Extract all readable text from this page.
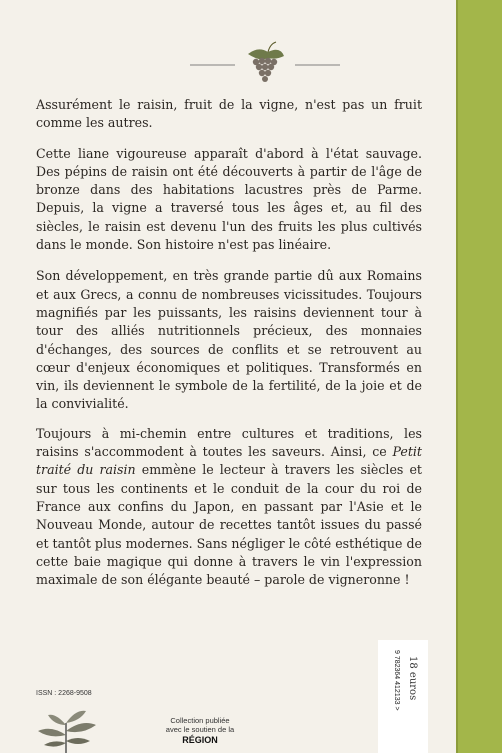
Assurément le raisin, fruit de la vigne, n'est pas un fruit comme les autres.

Cette liane vigoureuse apparaît d'abord à l'état sauvage. Des pépins de raisin ont été découverts à partir de l'âge de bronze dans des habitations lacustres près de Parme. Depuis, la vigne a traversé tous les âges et, au fil des siècles, le raisin est devenu l'un des fruits les plus cultivés dans le monde. Son histoire n'est pas linéaire.

Son développement, en très grande partie dû aux Romains et aux Grecs, a connu de nombreuses vicissitudes. Toujours magnifiés par les puissants, les raisins deviennent tour à tour des alliés nutritionnels précieux, des monnaies d'échanges, des sources de conflits et se retrouvent au cœur d'enjeux économiques et politiques. Transformés en vin, ils deviennent le symbole de la fertilité, de la joie et de la convivialité.

Toujours à mi-chemin entre cultures et traditions, les raisins s'accommodent à toutes les saveurs. Ainsi, ce Petit traité du raisin emmène le lecteur à travers les siècles et sur tous les continents et le conduit de la cour du roi de France aux confins du Japon, en passant par l'Asie et le Nouveau Monde, autour de recettes tantôt issues du passé et tantôt plus modernes. Sans négliger le côté esthétique de cette baie magique qui donne à travers le vin l'expression maximale de son élégante beauté – parole de vigneronne !

ISSN : 2268-9508	9 782364 412133 > 18 euros
Collection publiée
avec le soutien de la
RÉGION
